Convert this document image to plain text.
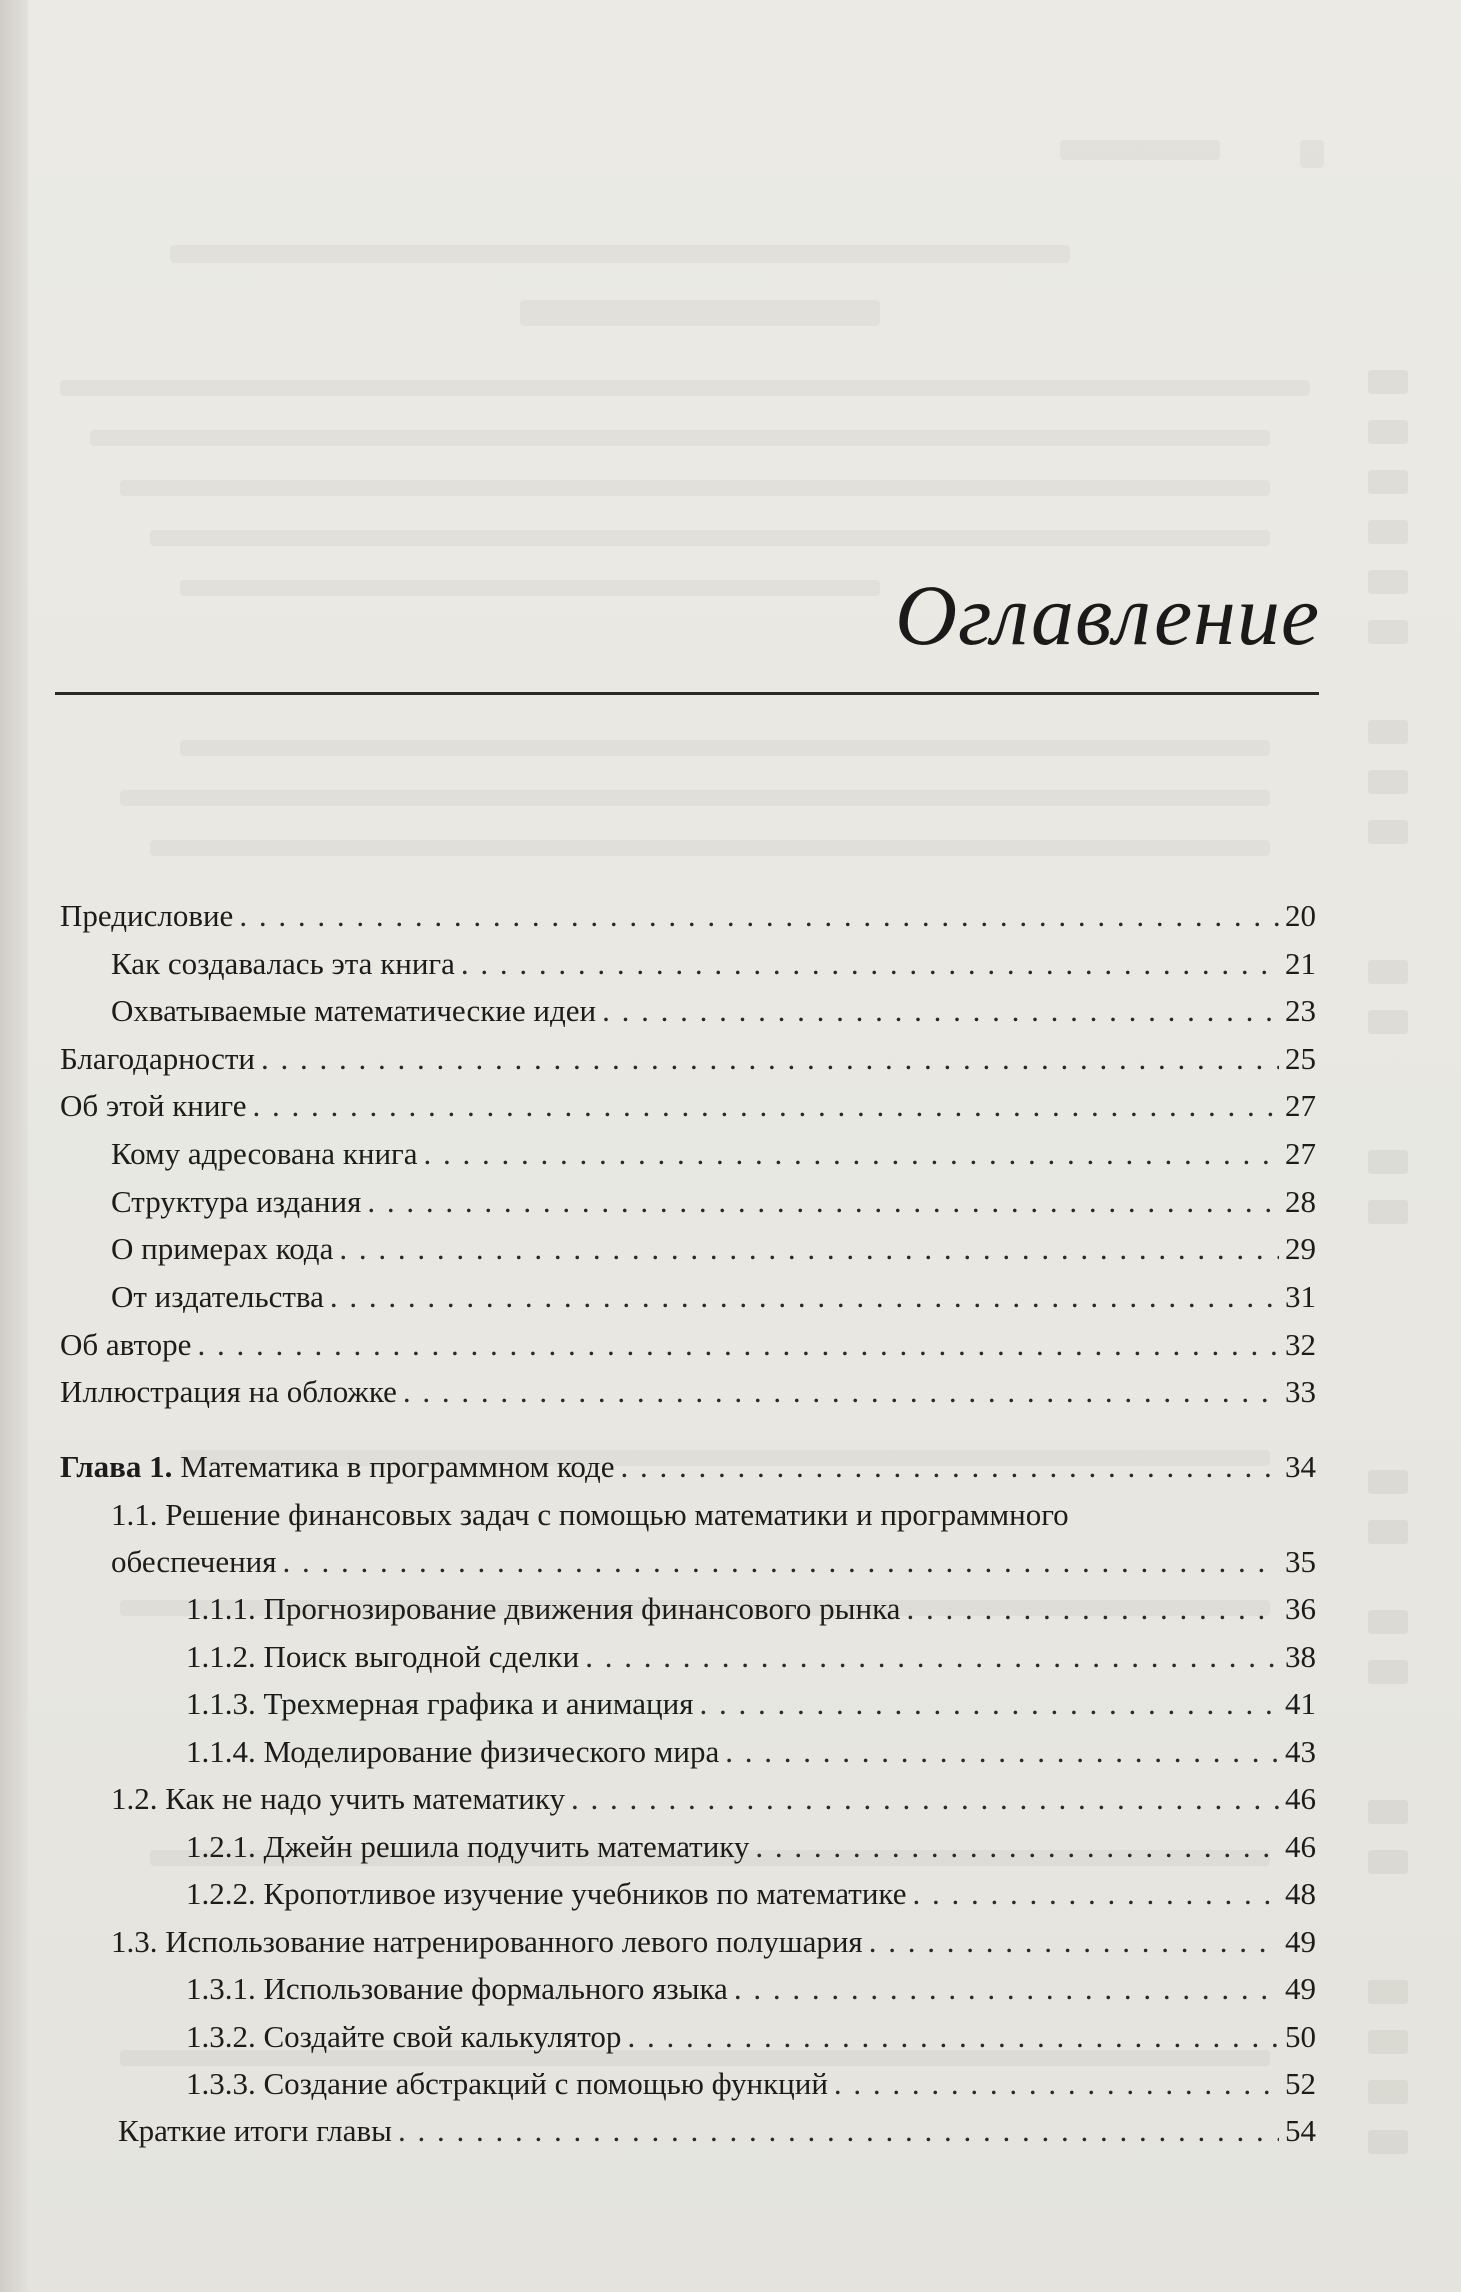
Оглавление
Предисловие . . .	20
Как создавалась эта книга . . .	21
Охватываемые математические идеи . . .	23
Благодарности . . .	25
Об этой книге . . .	27
Кому адресована книга . . .	27
Структура издания . . .	28
О примерах кода . . .	29
От издательства . . .	31
Об авторе . . .	32
Иллюстрация на обложке . . .	33
Глава 1. Математика в программном коде . . .	34
1.1. Решение финансовых задач с помощью математики и программного
обеспечения . . .	35
1.1.1. Прогнозирование движения финансового рынка . . .	36
1.1.2. Поиск выгодной сделки . . .	38
1.1.3. Трехмерная графика и анимация . . .	41
1.1.4. Моделирование физического мира . . .	43
1.2. Как не надо учить математику . . .	46
1.2.1. Джейн решила подучить математику . . .	46
1.2.2. Кропотливое изучение учебников по математике . . .	48
1.3. Использование натренированного левого полушария . . .	49
1.3.1. Использование формального языка . . .	49
1.3.2. Создайте свой калькулятор . . .	50
1.3.3. Создание абстракций с помощью функций . . .	52
Краткие итоги главы . . .	54
